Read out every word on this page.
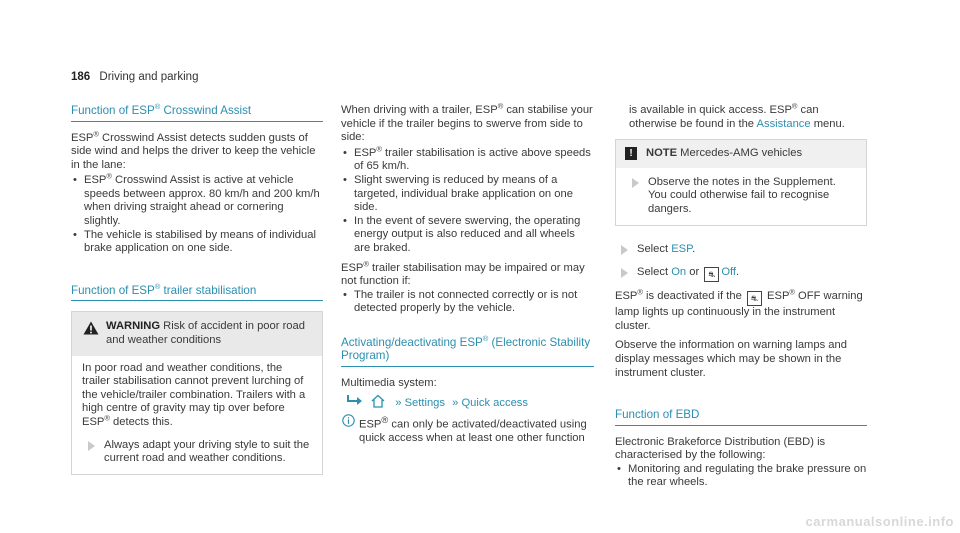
186 Driving and parking
Function of ESP® Crosswind Assist

ESP® Crosswind Assist detects sudden gusts of side wind and helps the driver to keep the vehicle in the lane:

• ESP® Crosswind Assist is active at vehicle speeds between approx. 80 km/h and 200 km/h when driving straight ahead or cornering slightly.
• The vehicle is stabilised by means of individual brake application on one side.
Function of ESP® trailer stabilisation
WARNING Risk of accident in poor road and weather conditions

In poor road and weather conditions, the trailer stabilisation cannot prevent lurching of the vehicle/trailer combination. Trailers with a high centre of gravity may tip over before ESP® detects this.

Always adapt your driving style to suit the current road and weather conditions.

When driving with a trailer, ESP® can stabilise your vehicle if the trailer begins to swerve from side to side:

• ESP® trailer stabilisation is active above speeds of 65 km/h.
• Slight swerving is reduced by means of a targeted, individual brake application on one side.
• In the event of severe swerving, the operating energy output is also reduced and all wheels are braked.

ESP® trailer stabilisation may be impaired or may not function if:

• The trailer is not connected correctly or is not detected properly by the vehicle.
Activating/deactivating ESP® (Electronic Stability Program)

Multimedia system:

» Settings » Quick access
ESP® can only be activated/deactivated using quick access when at least one other function

is available in quick access. ESP® can otherwise be found in the Assistance menu.

!	NOTE Mercedes-AMG vehicles
Observe the notes in the Supplement. You could otherwise fail to recognise dangers.
Select ESP.
Select On or ⛐ Off.

ESP® is deactivated if the ⛐ ESP® OFF warning lamp lights up continuously in the instrument cluster.

Observe the information on warning lamps and display messages which may be shown in the instrument cluster.

Function of EBD

Electronic Brakeforce Distribution (EBD) is characterised by the following:

• Monitoring and regulating the brake pressure on the rear wheels.
carmanualsonline.info
